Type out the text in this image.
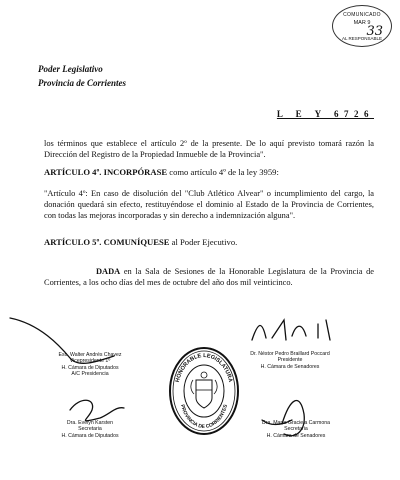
COMUNICADO
MAR 9
33
AL RESPONSABLE
Poder Legislativo
Provincia de Corrientes
L E Y 6726
los términos que establece el artículo 2º de la presente. De lo aquí previsto tomará razón la Dirección del Registro de la Propiedad Inmueble de la Provincia".
ARTÍCULO 4º. INCORPÓRASE como artículo 4º de la ley 3959:
"Artículo 4º: En caso de disolución del "Club Atlético Alvear" o incumplimiento del cargo, la donación quedará sin efecto, restituyéndose el dominio al Estado de la Provincia de Corrientes, con todas las mejoras incorporadas y sin derecho a indemnización alguna".
ARTÍCULO 5º. COMUNÍQUESE al Poder Ejecutivo.
DADA en la Sala de Sesiones de la Honorable Legislatura de la Provincia de Corrientes, a los ocho días del mes de octubre del año dos mil veinticinco.
Esc. Walter Andrés Chavez
Vicepresidente 1º
H. Cámara de Diputados
A/C Presidencia
Dra. Evelyn Karsten
Secretaria
H. Cámara de Diputados
Dr. Néstor Pedro Braillard Poccard
Presidente
H. Cámara de Senadores
Dra. María Graciela Carmona
Secretaria
H. Cámara de Senadores
HONORABLE LEGISLATURA
PROVINCIA DE CORRIENTES
